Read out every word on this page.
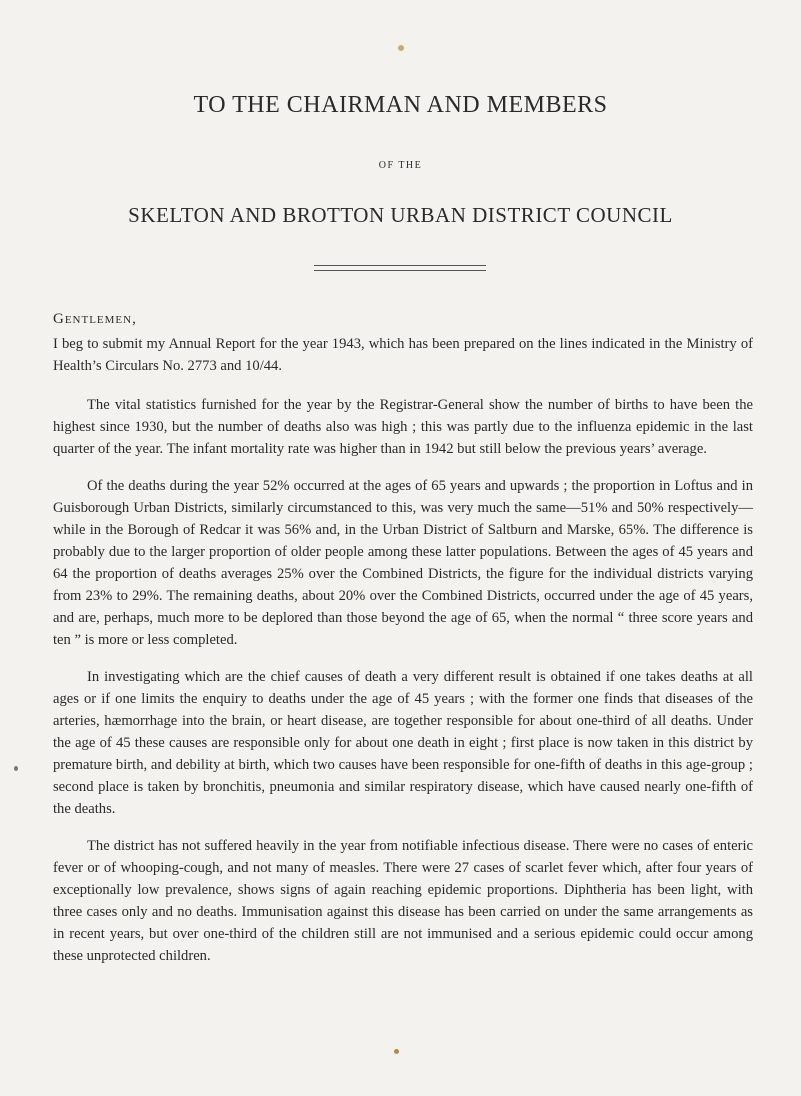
TO THE CHAIRMAN AND MEMBERS
OF THE
SKELTON AND BROTTON URBAN DISTRICT COUNCIL
Gentlemen,

I beg to submit my Annual Report for the year 1943, which has been prepared on the lines indicated in the Ministry of Health’s Circulars No. 2773 and 10/44.

The vital statistics furnished for the year by the Registrar-General show the number of births to have been the highest since 1930, but the number of deaths also was high ; this was partly due to the influenza epidemic in the last quarter of the year. The infant mortality rate was higher than in 1942 but still below the previous years’ average.

Of the deaths during the year 52% occurred at the ages of 65 years and upwards ; the proportion in Loftus and in Guisborough Urban Districts, similarly circumstanced to this, was very much the same—51% and 50% respectively—while in the Borough of Redcar it was 56% and, in the Urban District of Saltburn and Marske, 65%. The difference is probably due to the larger proportion of older people among these latter populations. Between the ages of 45 years and 64 the proportion of deaths averages 25% over the Combined Districts, the figure for the individual districts varying from 23% to 29%. The remaining deaths, about 20% over the Combined Districts, occurred under the age of 45 years, and are, perhaps, much more to be deplored than those beyond the age of 65, when the normal “ three score years and ten ” is more or less completed.

In investigating which are the chief causes of death a very different result is obtained if one takes deaths at all ages or if one limits the enquiry to deaths under the age of 45 years ; with the former one finds that diseases of the arteries, hæmorrhage into the brain, or heart disease, are together responsible for about one-third of all deaths. Under the age of 45 these causes are responsible only for about one death in eight ; first place is now taken in this district by premature birth, and debility at birth, which two causes have been responsible for one-fifth of deaths in this age-group ; second place is taken by bronchitis, pneumonia and similar respiratory disease, which have caused nearly one-fifth of the deaths.

The district has not suffered heavily in the year from notifiable infectious disease. There were no cases of enteric fever or of whooping-cough, and not many of measles. There were 27 cases of scarlet fever which, after four years of exceptionally low prevalence, shows signs of again reaching epidemic proportions. Diphtheria has been light, with three cases only and no deaths. Immunisation against this disease has been carried on under the same arrangements as in recent years, but over one-third of the children still are not immunised and a serious epidemic could occur among these unprotected children.
